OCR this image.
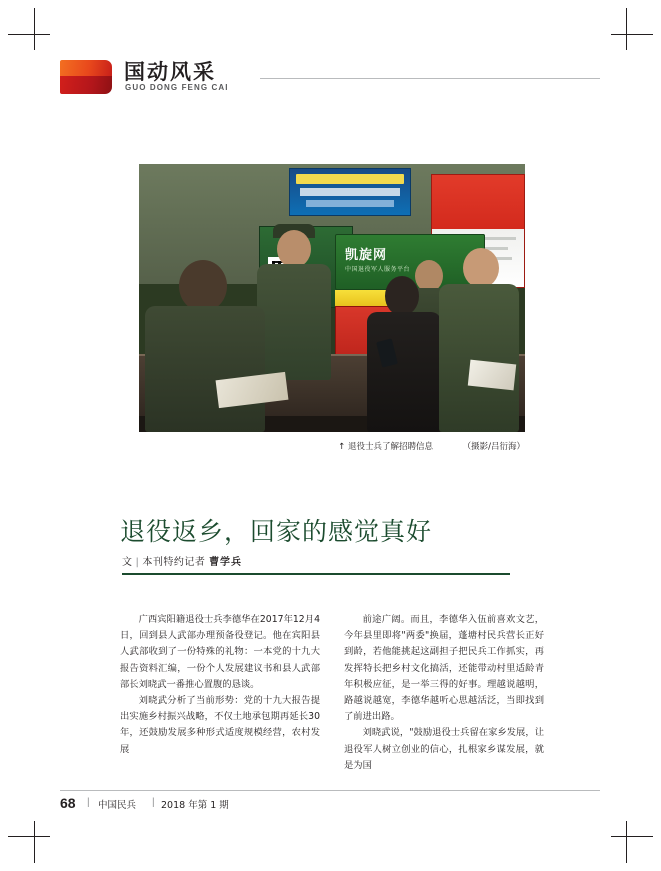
国动风采
GUO DONG FENG CAI
凯旋网
中国退役军人服务平台
↑ 退役士兵了解招聘信息	（摄影/吕衍海）
退役返乡，回家的感觉真好
文 | 本刊特约记者 曹学兵

广西宾阳籍退役士兵李德华在2017年12月4日，回到县人武部办理预备役登记。他在宾阳县人武部收到了一份特殊的礼物：一本党的十九大报告资料汇编，一份个人发展建议书和县人武部部长刘晓武一番推心置腹的恳谈。

刘晓武分析了当前形势：党的十九大报告提出实施乡村振兴战略，不仅土地承包期再延长30年，还鼓励发展多种形式适度规模经营，农村发展

前途广阔。而且，李德华入伍前喜欢文艺，今年县里即将"两委"换届，蓬塘村民兵营长正好到龄，若他能挑起这副担子把民兵工作抓实，再发挥特长把乡村文化搞活，还能带动村里适龄青年积极应征，是一举三得的好事。理越说越明，路越说越宽，李德华越听心思越活泛，当即找到了前进出路。

刘晓武说，"鼓励退役士兵留在家乡发展，让退役军人树立创业的信心，扎根家乡谋发展，就是为国

68 | 中国民兵 | 2018 年第 1 期
